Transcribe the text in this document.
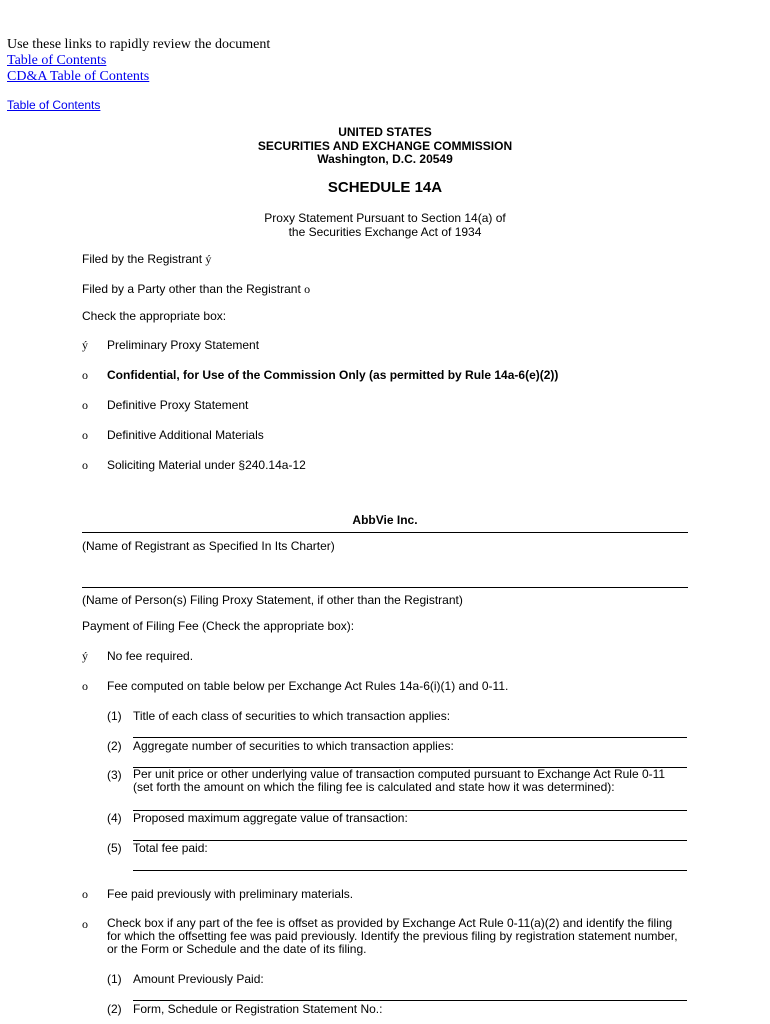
Use these links to rapidly review the document
Table of Contents
CD&A Table of Contents
Table of Contents
UNITED STATES
SECURITIES AND EXCHANGE COMMISSION
Washington, D.C. 20549
SCHEDULE 14A
Proxy Statement Pursuant to Section 14(a) of
the Securities Exchange Act of 1934
Filed by the Registrant ý
Filed by a Party other than the Registrant o
Check the appropriate box:
ý Preliminary Proxy Statement
o Confidential, for Use of the Commission Only (as permitted by Rule 14a-6(e)(2))
o Definitive Proxy Statement
o Definitive Additional Materials
o Soliciting Material under §240.14a-12
AbbVie Inc.
(Name of Registrant as Specified In Its Charter)
(Name of Person(s) Filing Proxy Statement, if other than the Registrant)
Payment of Filing Fee (Check the appropriate box):
ý No fee required.
o Fee computed on table below per Exchange Act Rules 14a-6(i)(1) and 0-11.
(1) Title of each class of securities to which transaction applies:
(2) Aggregate number of securities to which transaction applies:
(3) Per unit price or other underlying value of transaction computed pursuant to Exchange Act Rule 0-11 (set forth the amount on which the filing fee is calculated and state how it was determined):
(4) Proposed maximum aggregate value of transaction:
(5) Total fee paid:
o Fee paid previously with preliminary materials.
o Check box if any part of the fee is offset as provided by Exchange Act Rule 0-11(a)(2) and identify the filing for which the offsetting fee was paid previously. Identify the previous filing by registration statement number, or the Form or Schedule and the date of its filing.
(1) Amount Previously Paid:
(2) Form, Schedule or Registration Statement No.:
